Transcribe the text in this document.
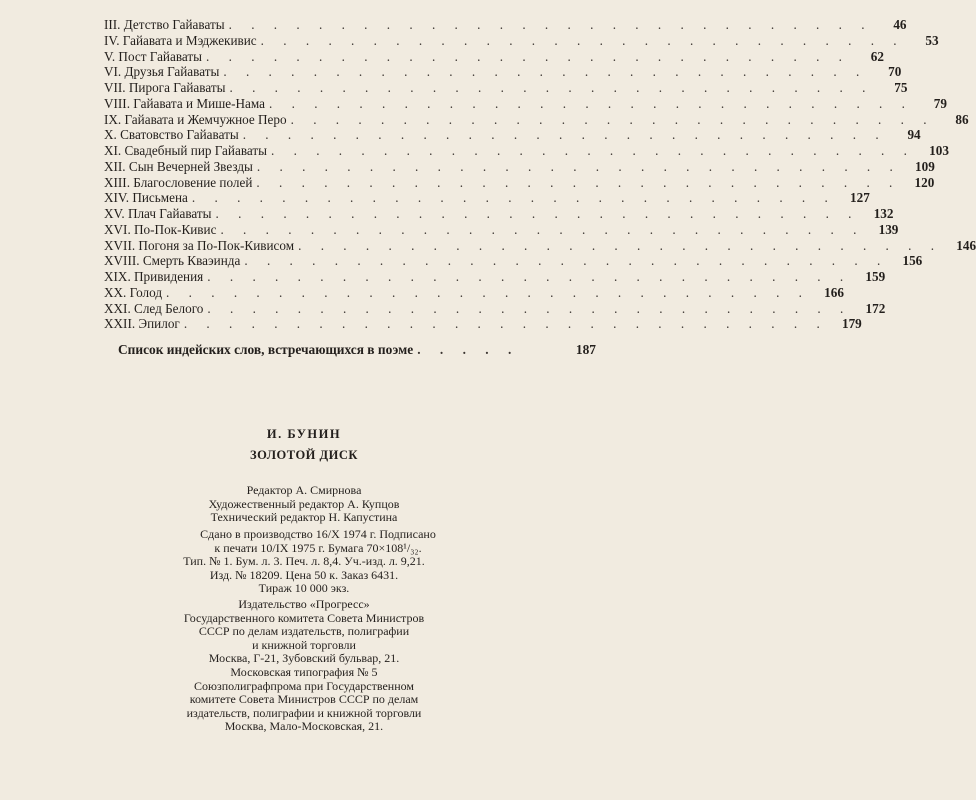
III. Детство Гайаваты . . . . . . . . . . . . . . . . . . . . . . . . . . . . .	46
IV. Гайавата и Мэджекивис . . . . . . . . . . . . . . . . . . . . . . . . . . . . .	53
V. Пост Гайаваты . . . . . . . . . . . . . . . . . . . . . . . . . . . . .	62
VI. Друзья Гайаваты . . . . . . . . . . . . . . . . . . . . . . . . . . . . .	70
VII. Пирога Гайаваты . . . . . . . . . . . . . . . . . . . . . . . . . . . . .	75
VIII. Гайавата и Мише-Нама . . . . . . . . . . . . . . . . . . . . . . . . . . . . .	79
IX. Гайавата и Жемчужное Перо . . . . . . . . . . . . . . . . . . . . . . . . . . . . .	86
X. Сватовство Гайаваты . . . . . . . . . . . . . . . . . . . . . . . . . . . . .	94
XI. Свадебный пир Гайаваты . . . . . . . . . . . . . . . . . . . . . . . . . . . . .	103
XII. Сын Вечерней Звезды . . . . . . . . . . . . . . . . . . . . . . . . . . . . .	109
XIII. Благословение полей . . . . . . . . . . . . . . . . . . . . . . . . . . . . .	120
XIV. Письмена . . . . . . . . . . . . . . . . . . . . . . . . . . . . .	127
XV. Плач Гайаваты . . . . . . . . . . . . . . . . . . . . . . . . . . . . .	132
XVI. По-Пок-Кивис . . . . . . . . . . . . . . . . . . . . . . . . . . . . .	139
XVII. Погоня за По-Пок-Кивисом . . . . . . . . . . . . . . . . . . . . . . . . . . . . .	146
XVIII. Смерть Кваэинда . . . . . . . . . . . . . . . . . . . . . . . . . . . . .	156
XIX. Привидения . . . . . . . . . . . . . . . . . . . . . . . . . . . . .	159
XX. Голод . . . . . . . . . . . . . . . . . . . . . . . . . . . . .	166
XXI. След Белого . . . . . . . . . . . . . . . . . . . . . . . . . . . . .	172
XXII. Эпилог . . . . . . . . . . . . . . . . . . . . . . . . . . . . .	179
Список индейских слов, встречающихся в поэме . . . . .	187
И. БУНИН
ЗОЛОТОЙ ДИСК
Редактор А. Смирнова
Художественный редактор А. Купцов
Технический редактор Н. Капустина
Сдано в производство 16/X 1974 г. Подписано
к печати 10/IX 1975 г. Бумага 70×108¹/₃₂.
Тип. № 1. Бум. л. 3. Печ. л. 8,4. Уч.-изд. л. 9,21.
Изд. № 18209. Цена 50 к. Заказ 6431.
Тираж 10 000 экз.
Издательство «Прогресс»
Государственного комитета Совета Министров
СССР по делам издательств, полиграфии
и книжной торговли
Москва, Г-21, Зубовский бульвар, 21.
Московская типография № 5
Союзполиграфпрома при Государственном
комитете Совета Министров СССР по делам
издательств, полиграфии и книжной торговли
Москва, Мало-Московская, 21.
